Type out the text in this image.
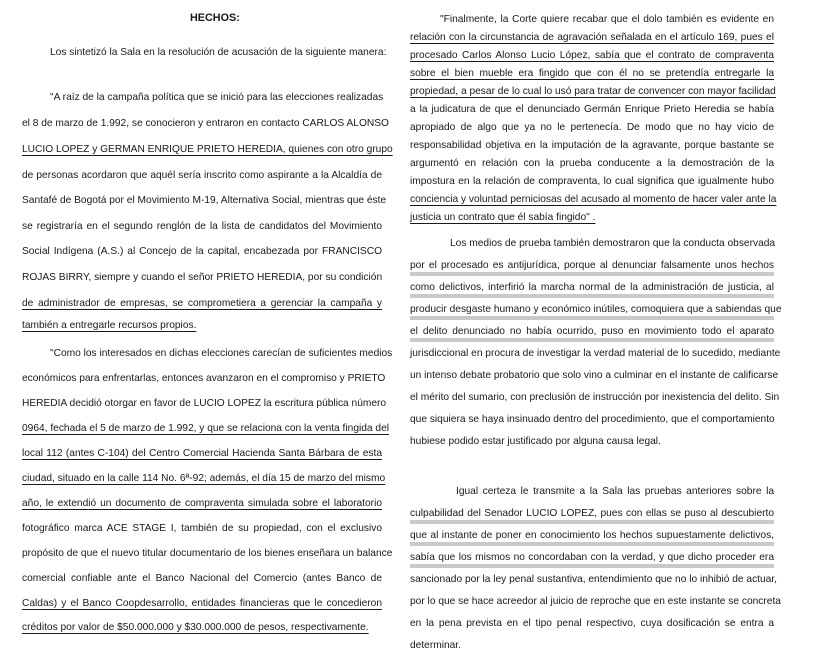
HECHOS:
Los sintetizó la Sala en la resolución de acusación de la siguiente manera:
"A raíz de la campaña política que se inició para las elecciones realizadas
el 8 de marzo de 1.992, se conocieron y entraron en contacto CARLOS ALONSO
LUCIO LOPEZ y GERMAN ENRIQUE PRIETO HEREDIA, quienes con otro grupo
de personas acordaron que aquél sería inscrito como aspirante a la Alcaldía de
Santafé de Bogotá por el Movimiento M-19, Alternativa Social, mientras que éste
se registraría en el segundo renglón de la lista de candidatos del Movimiento
Social Indígena (A.S.) al Concejo de la capital, encabezada por FRANCISCO
ROJAS BIRRY, siempre y cuando el señor PRIETO HEREDIA, por su condición
de administrador de empresas, se comprometiera a gerenciar la campaña y
también a entregarle recursos propios.
"Como los interesados en dichas elecciones carecían de suficientes medios
económicos para enfrentarlas, entonces avanzaron en el compromiso y PRIETO
HEREDIA decidió otorgar en favor de LUCIO LOPEZ la escritura pública número
0964, fechada el 5 de marzo de 1.992, y que se relaciona con la venta fingida del
local 112 (antes C-104) del Centro Comercial Hacienda Santa Bárbara de esta
ciudad, situado en la calle 114 No. 6ª-92; además, el día 15 de marzo del mismo
año, le extendió un documento de compraventa simulada sobre el laboratorio
fotográfico marca ACE STAGE I, también de su propiedad, con el exclusivo
propósito de que el nuevo titular documentario de los bienes enseñara un balance
comercial confiable ante el Banco Nacional del Comercio (antes Banco de
Caldas) y el Banco Coopdesarrollo, entidades financieras que le concedieron
créditos por valor de $50.000.000 y $30.000.000 de pesos, respectivamente.
"Finalmente, la Corte quiere recabar que el dolo también es evidente en
relación con la circunstancia de agravación señalada en el artículo 169, pues el
procesado Carlos Alonso Lucio López, sabía que el contrato de compraventa
sobre el bien mueble era fingido que con él no se pretendía entregarle la
propiedad, a pesar de lo cual lo usó para tratar de convencer con mayor facilidad
a la judicatura de que el denunciado Germán Enrique Prieto Heredia se había
apropiado de algo que ya no le pertenecía. De modo que no hay vicio de
responsabilidad objetiva en la imputación de la agravante, porque bastante se
argumentó en relación con la prueba conducente a la demostración de la
impostura en la relación de compraventa, lo cual significa que igualmente hubo
conciencia y voluntad perniciosas del acusado al momento de hacer valer ante la
justicia un contrato que él sabía fingido" .
Los medios de prueba también demostraron que la conducta observada
por el procesado es antijurídica, porque al denunciar falsamente unos hechos
como delictivos, interfirió la marcha normal de la administración de justicia, al
producir desgaste humano y económico inútiles, comoquiera que a sabiendas que
el delito denunciado no había ocurrido, puso en movimiento todo el aparato
jurisdiccional en procura de investigar la verdad material de lo sucedido, mediante
un intenso debate probatorio que solo vino a culminar en el instante de calificarse
el mérito del sumario, con preclusión de instrucción por inexistencia del delito. Sin
que siquiera se haya insinuado dentro del procedimiento, que el comportamiento
hubiese podido estar justificado por alguna causa legal.
Igual certeza le transmite a la Sala las pruebas anteriores sobre la
culpabilidad del Senador LUCIO LOPEZ, pues con ellas se puso al descubierto
que al instante de poner en conocimiento los hechos supuestamente delictivos,
sabía que los mismos no concordaban con la verdad, y que dicho proceder era
sancionado por la ley penal sustantiva, entendimiento que no lo inhibió de actuar,
por lo que se hace acreedor al juicio de reproche que en este instante se concreta
en la pena prevista en el tipo penal respectivo, cuya dosificación se entra a
determinar.
